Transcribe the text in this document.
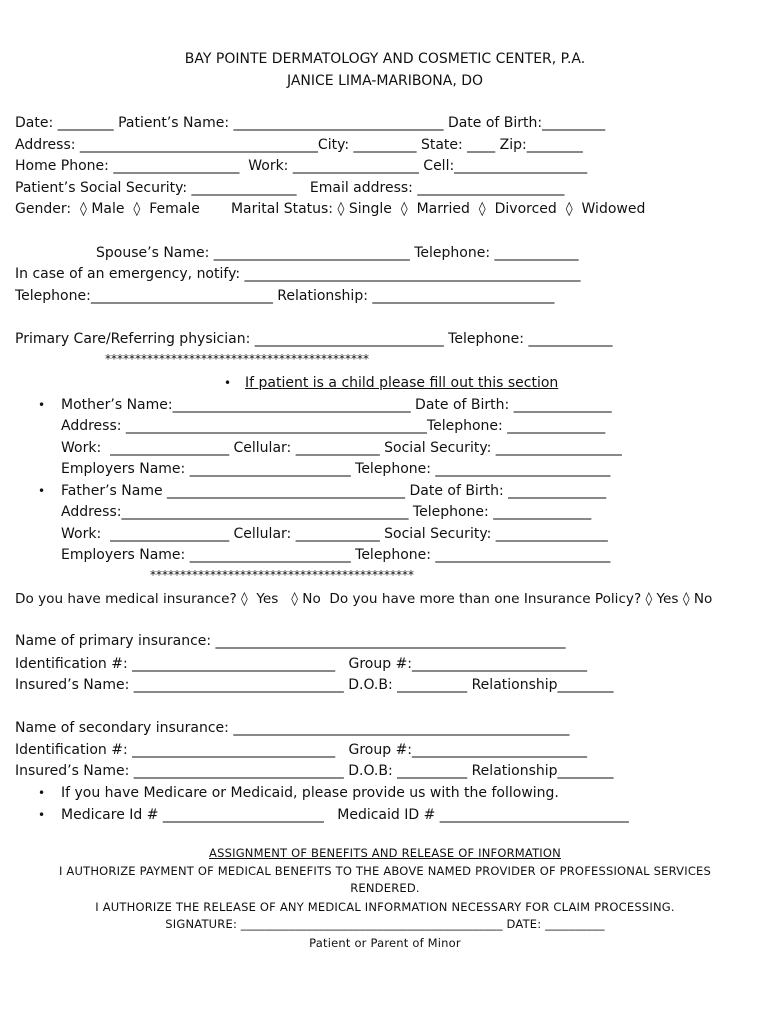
BAY POINTE DERMATOLOGY AND COSMETIC CENTER, P.A.
JANICE LIMA-MARIBONA, DO
Date: ________ Patient’s Name: ______________________________ Date of Birth:_________
Address: __________________________________City: _________ State: ____ Zip:________
Home Phone: __________________  Work: __________________ Cell:___________________
Patient’s Social Security: _______________   Email address: _____________________
Gender:  ◊ Male  ◊  Female       Marital Status: ◊ Single  ◊  Married  ◊  Divorced  ◊  Widowed
Spouse’s Name: ____________________________ Telephone: ____________
In case of an emergency, notify: ________________________________________________
Telephone:__________________________ Relationship: __________________________
Primary Care/Referring physician: ___________________________ Telephone: ____________
********************************************
• If patient is a child please fill out this section
• Mother’s Name:__________________________________ Date of Birth: ______________
Address: ___________________________________________Telephone: ______________
Work:  _________________ Cellular: ____________ Social Security: __________________
Employers Name: _______________________ Telephone: _________________________
• Father’s Name __________________________________ Date of Birth: ______________
Address:_________________________________________ Telephone: ______________
Work:  _________________ Cellular: ____________ Social Security: ________________
Employers Name: _______________________ Telephone: _________________________
********************************************
Do you have medical insurance? ◊  Yes   ◊ No  Do you have more than one Insurance Policy? ◊ Yes ◊ No
Name of primary insurance: __________________________________________________
Identification #: _____________________________   Group #:_________________________
Insured’s Name: ______________________________ D.O.B: __________ Relationship________
Name of secondary insurance: ________________________________________________
Identification #: _____________________________   Group #:_________________________
Insured’s Name: ______________________________ D.O.B: __________ Relationship________
• If you have Medicare or Medicaid, please provide us with the following.
• Medicare Id # _______________________   Medicaid ID # ___________________________
ASSIGNMENT OF BENEFITS AND RELEASE OF INFORMATION
I AUTHORIZE PAYMENT OF MEDICAL BENEFITS TO THE ABOVE NAMED PROVIDER OF PROFESSIONAL SERVICES
RENDERED.
I AUTHORIZE THE RELEASE OF ANY MEDICAL INFORMATION NECESSARY FOR CLAIM PROCESSING.
SIGNATURE: ____________________________________________ DATE: __________
Patient or Parent of Minor
